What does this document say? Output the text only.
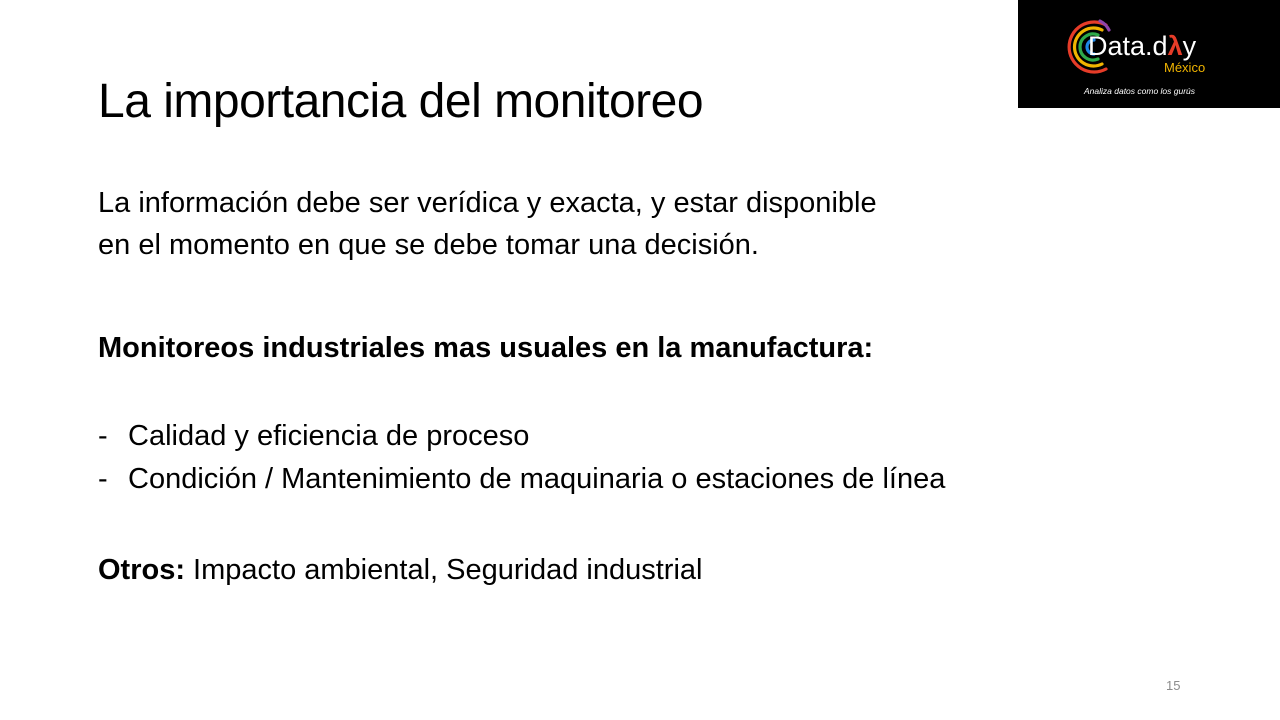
La importancia del monitoreo

La información debe ser verídica y exacta, y estar disponible
en el momento en que se debe tomar una decisión.

Monitoreos industriales mas usuales en la manufactura:

- Calidad y eficiencia de proceso
- Condición / Mantenimiento de maquinaria o estaciones de línea

Otros: Impacto ambiental, Seguridad industrial

15
Data.dλy
México
Analiza datos como los gurús
